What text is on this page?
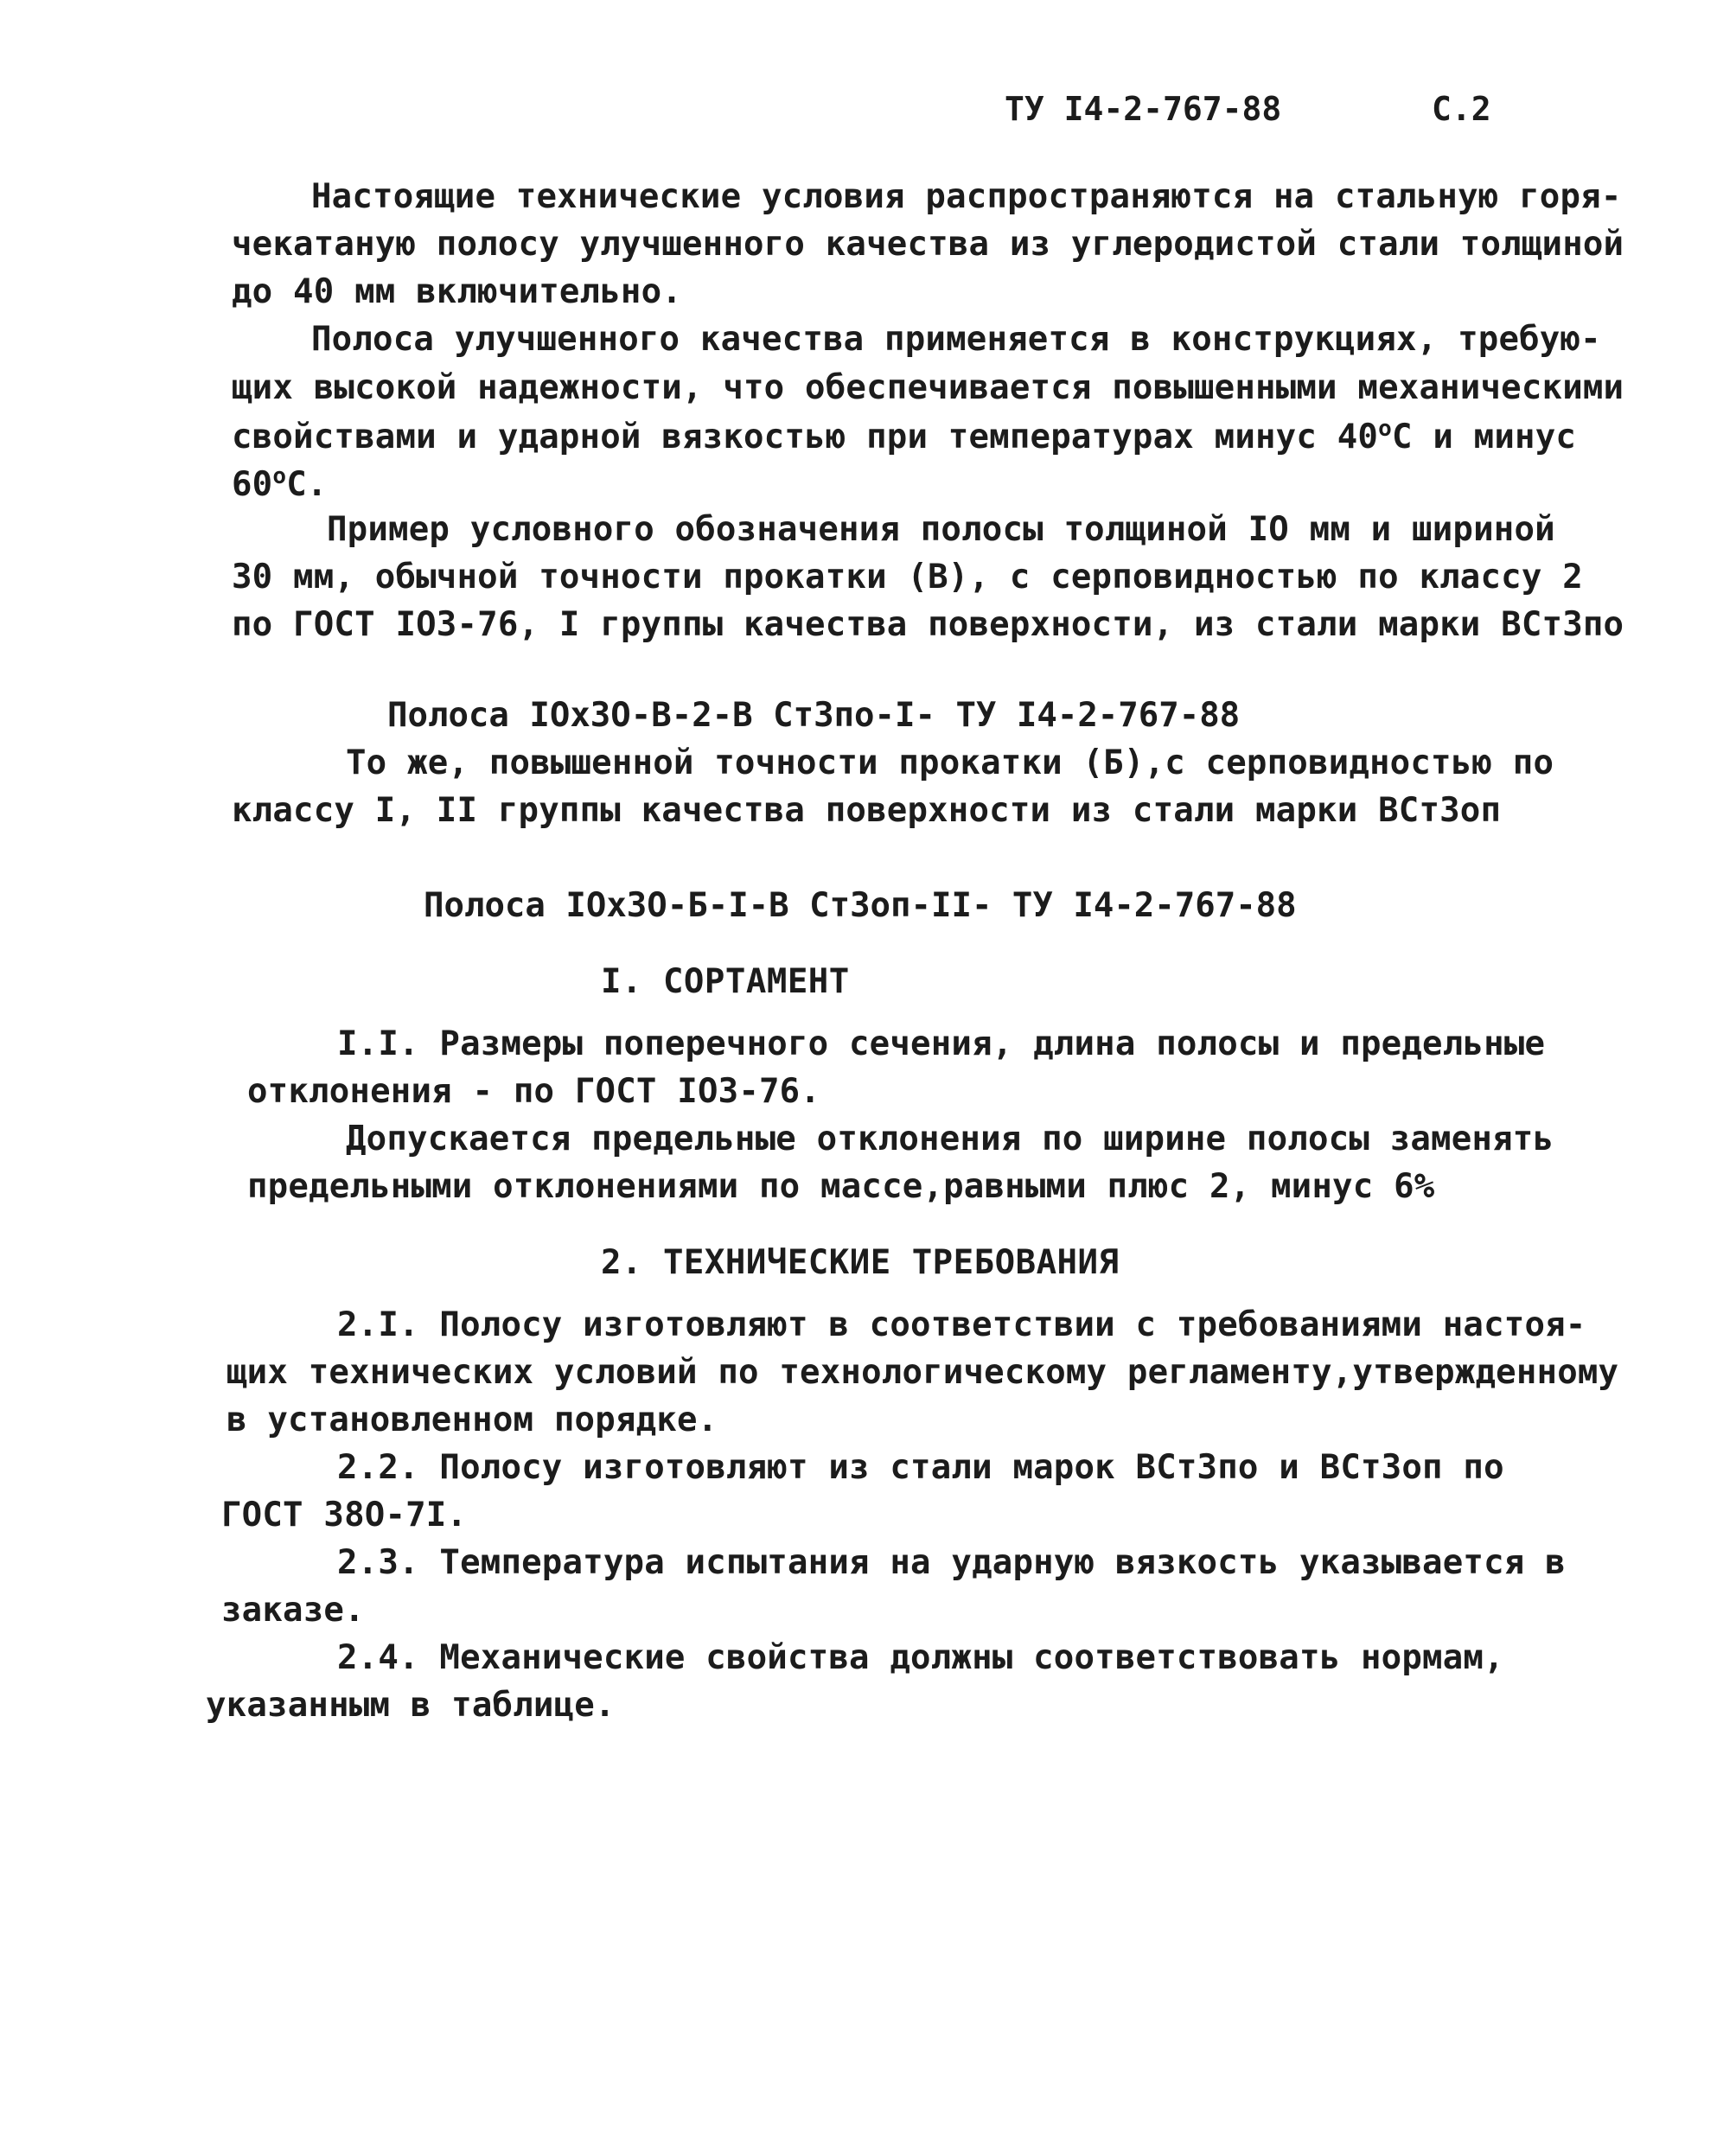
ТУ I4-2-767-88	С.2
Настоящие технические условия распространяются на стальную горя-
чекатаную полосу улучшенного качества из углеродистой стали толщиной
до 40 мм включительно.
Полоса улучшенного качества применяется в конструкциях, требую-
щих высокой надежности, что обеспечивается повышенными механическими
свойствами и ударной вязкостью при температурах минус $40^оС$ и минус
$60^оС$.
Пример условного обозначения полосы толщиной IO мм и шириной
30 мм, обычной точности прокатки (В), с серповидностью по классу 2
по ГОСТ IO3-76, I группы качества поверхности, из стали марки ВСт3по
Полоса IOx3O-В-2-В Ст3по-I- ТУ I4-2-767-88
То же, повышенной точности прокатки (Б),с серповидностью по
классу I, II группы качества поверхности из стали марки ВСт3оп
Полоса IOx3O-Б-I-В Ст3оп-II- ТУ I4-2-767-88
I. СОРТАМЕНТ
I.I. Размеры поперечного сечения, длина полосы и предельные
отклонения - по ГОСТ IO3-76.
Допускается предельные отклонения по ширине полосы заменять
предельными отклонениями по массе,равными плюс 2, минус 6%
2. ТЕХНИЧЕСКИЕ ТРЕБОВАНИЯ
2.I. Полосу изготовляют в соответствии с требованиями настоя-
щих технических условий по технологическому регламенту,утвержденному
в установленном порядке.
2.2. Полосу изготовляют из стали марок ВСт3по и ВСт3оп по
ГОСТ 38O-7I.
2.3. Температура испытания на ударную вязкость указывается в
заказе.
2.4. Механические свойства должны соответствовать нормам,
указанным в таблице.
